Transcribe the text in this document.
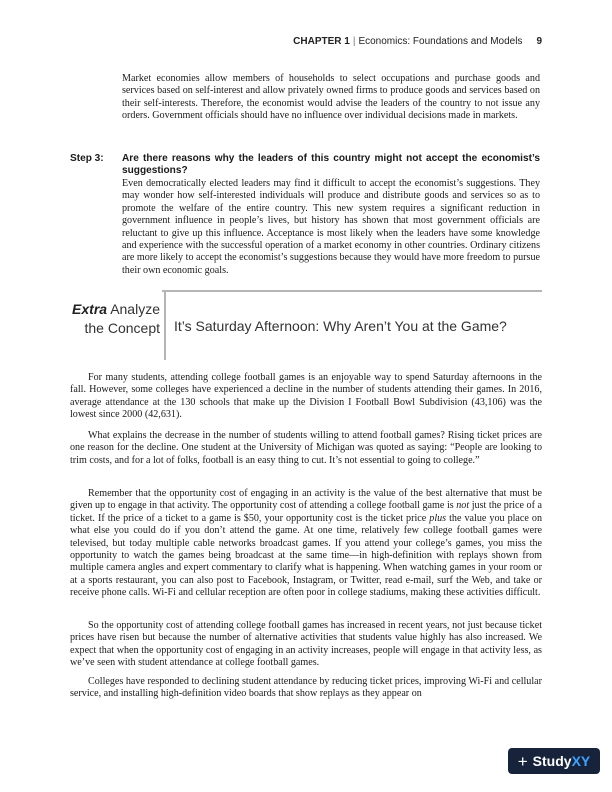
CHAPTER 1 | Economics: Foundations and Models 9

Market economies allow members of households to select occupations and purchase goods and services based on self-interest and allow privately owned firms to produce goods and services based on their self-interests. Therefore, the economist would advise the leaders of the country to not issue any orders. Government officials should have no influence over individual decisions made in markets.

Step 3: Are there reasons why the leaders of this country might not accept the economist’s suggestions?

Even democratically elected leaders may find it difficult to accept the economist’s suggestions. They may wonder how self-interested individuals will produce and distribute goods and services so as to promote the welfare of the entire country. This new system requires a significant reduction in government influence in people’s lives, but history has shown that most government officials are reluctant to give up this influence. Acceptance is most likely when the leaders have some knowledge and experience with the successful operation of a market economy in other countries. Ordinary citizens are more likely to accept the economist’s suggestions because they would have more freedom to pursue their own economic goals.

Extra Analyze
the Concept It’s Saturday Afternoon: Why Aren’t You at the Game?

For many students, attending college football games is an enjoyable way to spend Saturday afternoons in the fall. However, some colleges have experienced a decline in the number of students attending their games. In 2016, average attendance at the 130 schools that make up the Division I Football Bowl Subdivision (43,106) was the lowest since 2000 (42,631).

What explains the decrease in the number of students willing to attend football games? Rising ticket prices are one reason for the decline. One student at the University of Michigan was quoted as saying: “People are looking to trim costs, and for a lot of folks, football is an easy thing to cut. It’s not essential to going to college.”

Remember that the opportunity cost of engaging in an activity is the value of the best alternative that must be given up to engage in that activity. The opportunity cost of attending a college football game is not just the price of a ticket. If the price of a ticket to a game is $50, your opportunity cost is the ticket price plus the value you place on what else you could do if you don’t attend the game. At one time, relatively few college football games were televised, but today multiple cable networks broadcast games. If you attend your college’s games, you miss the opportunity to watch the games being broadcast at the same time—in high-definition with replays shown from multiple camera angles and expert commentary to clarify what is happening. When watching games in your room or at a sports restaurant, you can also post to Facebook, Instagram, or Twitter, read e-mail, surf the Web, and take or receive phone calls. Wi-Fi and cellular reception are often poor in college stadiums, making these activities difficult.

So the opportunity cost of attending college football games has increased in recent years, not just because ticket prices have risen but because the number of alternative activities that students value highly has also increased. We expect that when the opportunity cost of engaging in an activity increases, people will engage in that activity less, as we’ve seen with student attendance at college football games.

Colleges have responded to declining student attendance by reducing ticket prices, improving Wi-Fi and cellular service, and installing high-definition video boards that show replays as they appear on

+ Study XY
